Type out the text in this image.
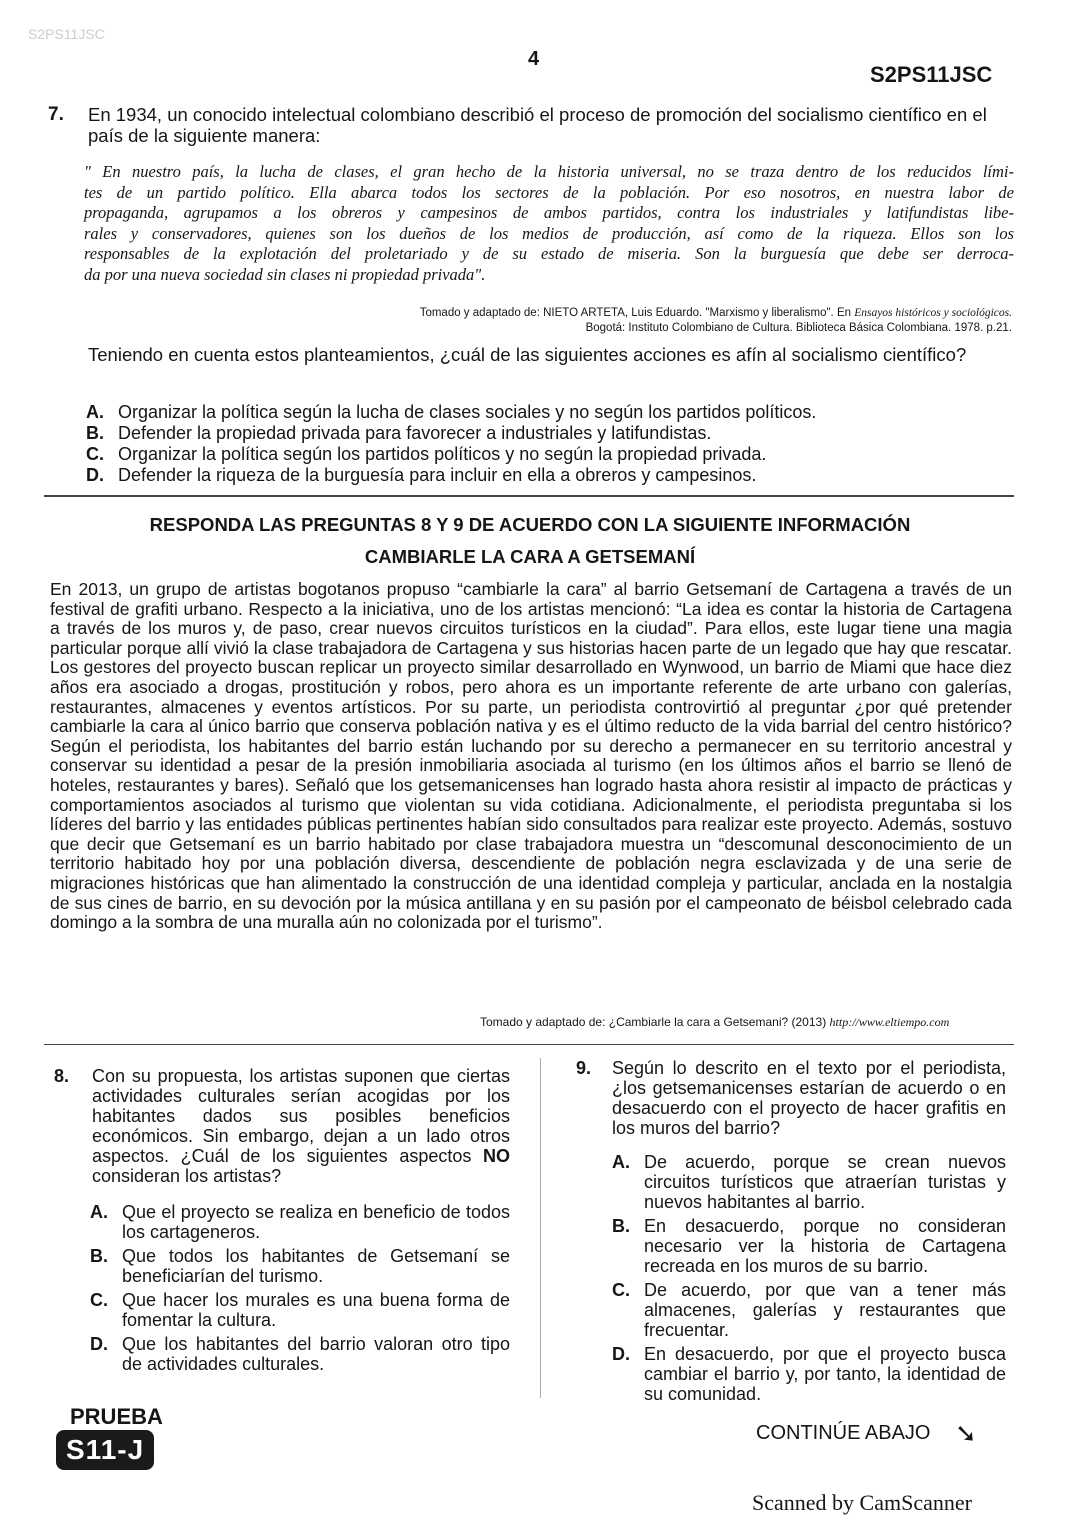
S2PS11JSC
4
S2PS11JSC
7. En 1934, un conocido intelectual colombiano describió el proceso de promoción del socialismo científico en el país de la siguiente manera:
" En nuestro país, la lucha de clases, el gran hecho de la historia universal, no se traza dentro de los reducidos lími-
tes de un partido político. Ella abarca todos los sectores de la población. Por eso nosotros, en nuestra labor de
propaganda, agrupamos a los obreros y campesinos de ambos partidos, contra los industriales y latifundistas libe-
rales y conservadores, quienes son los dueños de los medios de producción, así como de la riqueza. Ellos son los
responsables de la explotación del proletariado y de su estado de miseria. Son la burguesía que debe ser derroca-
da por una nueva sociedad sin clases ni propiedad privada".
Tomado y adaptado de: NIETO ARTETA, Luis Eduardo. "Marxismo y liberalismo". En Ensayos históricos y sociológicos.
Bogotá: Instituto Colombiano de Cultura. Biblioteca Básica Colombiana. 1978. p.21.
Teniendo en cuenta estos planteamientos, ¿cuál de las siguientes acciones es afín al socialismo científico?
A. Organizar la política según la lucha de clases sociales y no según los partidos políticos.
B. Defender la propiedad privada para favorecer a industriales y latifundistas.
C. Organizar la política según los partidos políticos y no según la propiedad privada.
D. Defender la riqueza de la burguesía para incluir en ella a obreros y campesinos.
RESPONDA LAS PREGUNTAS 8 Y 9 DE ACUERDO CON LA SIGUIENTE INFORMACIÓN
CAMBIARLE LA CARA A GETSEMANÍ
En 2013, un grupo de artistas bogotanos propuso “cambiarle la cara” al barrio Getsemaní de Cartagena a través de un festival de grafiti urbano. Respecto a la iniciativa, uno de los artistas mencionó: “La idea es contar la historia de Cartagena a través de los muros y, de paso, crear nuevos circuitos turísticos en la ciudad”. Para ellos, este lugar tiene una magia particular porque allí vivió la clase trabajadora de Cartagena y sus historias hacen parte de un legado que hay que rescatar. Los gestores del proyecto buscan replicar un proyecto similar desarrollado en Wynwood, un barrio de Miami que hace diez años era asociado a drogas, prostitución y robos, pero ahora es un importante referente de arte urbano con galerías, restaurantes, almacenes y eventos artísticos. Por su parte, un periodista controvirtió al preguntar ¿por qué pretender cambiarle la cara al único barrio que conserva población nativa y es el último reducto de la vida barrial del centro histórico? Según el periodista, los habitantes del barrio están luchando por su derecho a permanecer en su territorio ancestral y conservar su identidad a pesar de la presión inmobiliaria asociada al turismo (en los últimos años el barrio se llenó de hoteles, restaurantes y bares). Señaló que los getsemanicenses han logrado hasta ahora resistir al impacto de prácticas y comportamientos asociados al turismo que violentan su vida cotidiana. Adicionalmente, el periodista preguntaba si los líderes del barrio y las entidades públicas pertinentes habían sido consultados para realizar este proyecto. Además, sostuvo que decir que Getsemaní es un barrio habitado por clase trabajadora muestra un “descomunal desconocimiento de un territorio habitado hoy por una población diversa, descendiente de población negra esclavizada y de una serie de migraciones históricas que han alimentado la construcción de una identidad compleja y particular, anclada en la nostalgia de sus cines de barrio, en su devoción por la música antillana y en su pasión por el campeonato de béisbol celebrado cada domingo a la sombra de una muralla aún no colonizada por el turismo”.
Tomado y adaptado de: ¿Cambiarle la cara a Getsemani? (2013) http://www.eltiempo.com
8. Con su propuesta, los artistas suponen que ciertas actividades culturales serían acogidas por los habitantes dados sus posibles beneficios económicos. Sin embargo, dejan a un lado otros aspectos. ¿Cuál de los siguientes aspectos NO consideran los artistas?
A. Que el proyecto se realiza en beneficio de todos los cartageneros.
B. Que todos los habitantes de Getsemaní se beneficiarían del turismo.
C. Que hacer los murales es una buena forma de fomentar la cultura.
D. Que los habitantes del barrio valoran otro tipo de actividades culturales.
9. Según lo descrito en el texto por el periodista, ¿los getsemanicenses estarían de acuerdo o en desacuerdo con el proyecto de hacer grafitis en los muros del barrio?
A. De acuerdo, porque se crean nuevos circuitos turísticos que atraerían turistas y nuevos habitantes al barrio.
B. En desacuerdo, porque no consideran necesario ver la historia de Cartagena recreada en los muros de su barrio.
C. De acuerdo, por que van a tener más almacenes, galerías y restaurantes que frecuentar.
D. En desacuerdo, por que el proyecto busca cambiar el barrio y, por tanto, la identidad de su comunidad.
PRUEBA
S11-J
CONTINÚE ABAJO ➘
Scanned by CamScanner
